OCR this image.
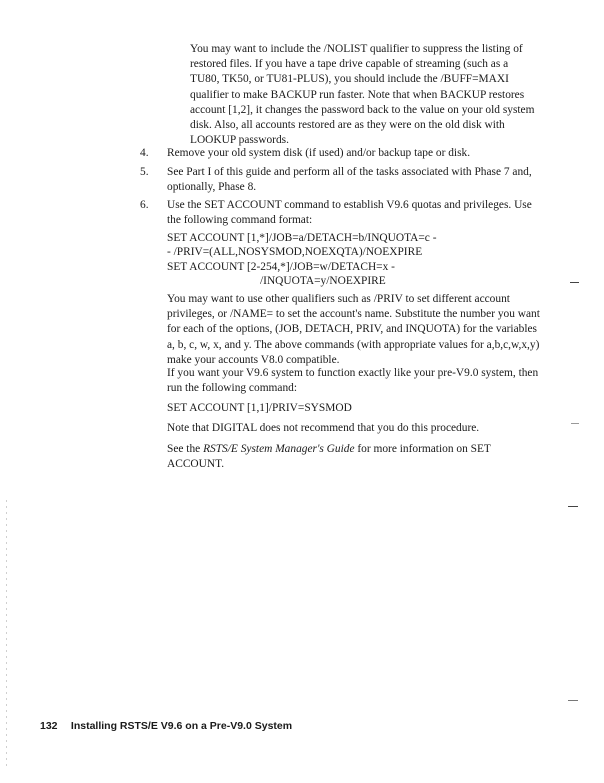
You may want to include the /NOLIST qualifier to suppress the listing of restored files. If you have a tape drive capable of streaming (such as a TU80, TK50, or TU81-PLUS), you should include the /BUFF=MAXI qualifier to make BACKUP run faster. Note that when BACKUP restores account [1,2], it changes the password back to the value on your old system disk. Also, all accounts restored are as they were on the old disk with LOOKUP passwords.

4. Remove your old system disk (if used) and/or backup tape or disk.

5. See Part I of this guide and perform all of the tasks associated with Phase 7 and, optionally, Phase 8.

6. Use the SET ACCOUNT command to establish V9.6 quotas and privileges. Use the following command format:

SET ACCOUNT [1,*]/JOB=a/DETACH=b/INQUOTA=c -
- /PRIV=(ALL,NOSYSMOD,NOEXQTA)/NOEXPIRE
SET ACCOUNT [2-254,*]/JOB=w/DETACH=x -
/INQUOTA=y/NOEXPIRE

You may want to use other qualifiers such as /PRIV to set different account privileges, or /NAME= to set the account's name. Substitute the number you want for each of the options, (JOB, DETACH, PRIV, and INQUOTA) for the variables a, b, c, w, x, and y. The above commands (with appropriate values for a,b,c,w,x,y) make your accounts V8.0 compatible.

If you want your V9.6 system to function exactly like your pre-V9.0 system, then run the following command:

SET ACCOUNT [1,1]/PRIV=SYSMOD

Note that DIGITAL does not recommend that you do this procedure.

See the RSTS/E System Manager's Guide for more information on SET ACCOUNT.

132 Installing RSTS/E V9.6 on a Pre-V9.0 System
